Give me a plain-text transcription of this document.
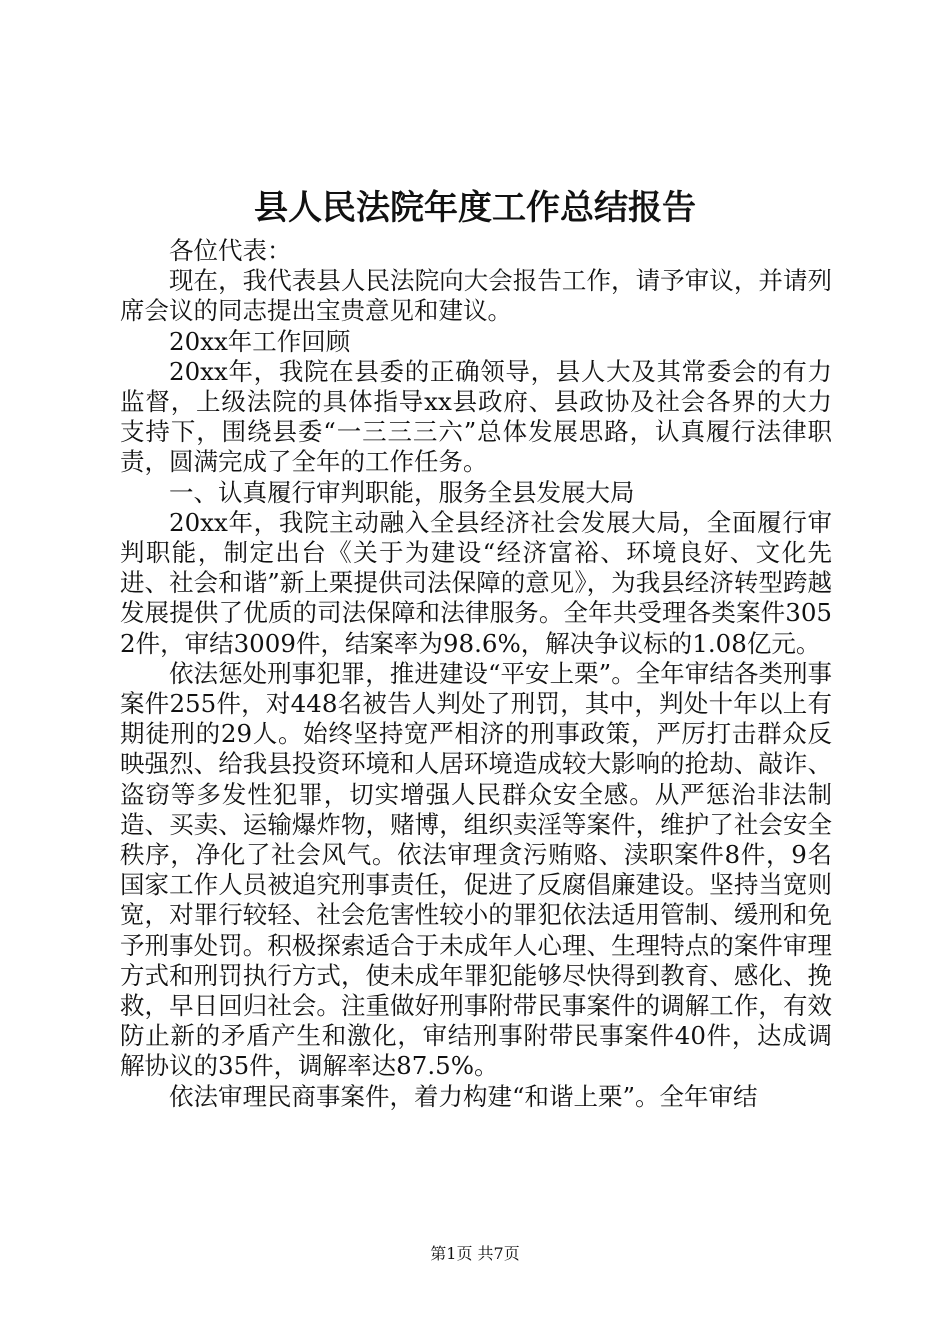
县人民法院年度工作总结报告

各位代表：

现在，我代表县人民法院向大会报告工作，请予审议，并请列席会议的同志提出宝贵意见和建议。

20xx年工作回顾

20xx年，我院在县委的正确领导，县人大及其常委会的有力监督，上级法院的具体指导xx县政府、县政协及社会各界的大力支持下，围绕县委“一三三三六”总体发展思路，认真履行法律职责，圆满完成了全年的工作任务。

一、认真履行审判职能，服务全县发展大局

20xx年，我院主动融入全县经济社会发展大局，全面履行审判职能，制定出台《关于为建设“经济富裕、环境良好、文化先进、社会和谐”新上栗提供司法保障的意见》，为我县经济转型跨越发展提供了优质的司法保障和法律服务。全年共受理各类案件3052件，审结3009件，结案率为98.6%，解决争议标的1.08亿元。

依法惩处刑事犯罪，推进建设“平安上栗”。全年审结各类刑事案件255件，对448名被告人判处了刑罚，其中，判处十年以上有期徒刑的29人。始终坚持宽严相济的刑事政策，严厉打击群众反映强烈、给我县投资环境和人居环境造成较大影响的抢劫、敲诈、盗窃等多发性犯罪，切实增强人民群众安全感。从严惩治非法制造、买卖、运输爆炸物，赌博，组织卖淫等案件，维护了社会安全秩序，净化了社会风气。依法审理贪污贿赂、渎职案件8件，9名国家工作人员被追究刑事责任，促进了反腐倡廉建设。坚持当宽则宽，对罪行较轻、社会危害性较小的罪犯依法适用管制、缓刑和免予刑事处罚。积极探索适合于未成年人心理、生理特点的案件审理方式和刑罚执行方式，使未成年罪犯能够尽快得到教育、感化、挽救，早日回归社会。注重做好刑事附带民事案件的调解工作，有效防止新的矛盾产生和激化，审结刑事附带民事案件40件，达成调解协议的35件，调解率达87.5%。

依法审理民商事案件，着力构建“和谐上栗”。全年审结

第1页 共7页
